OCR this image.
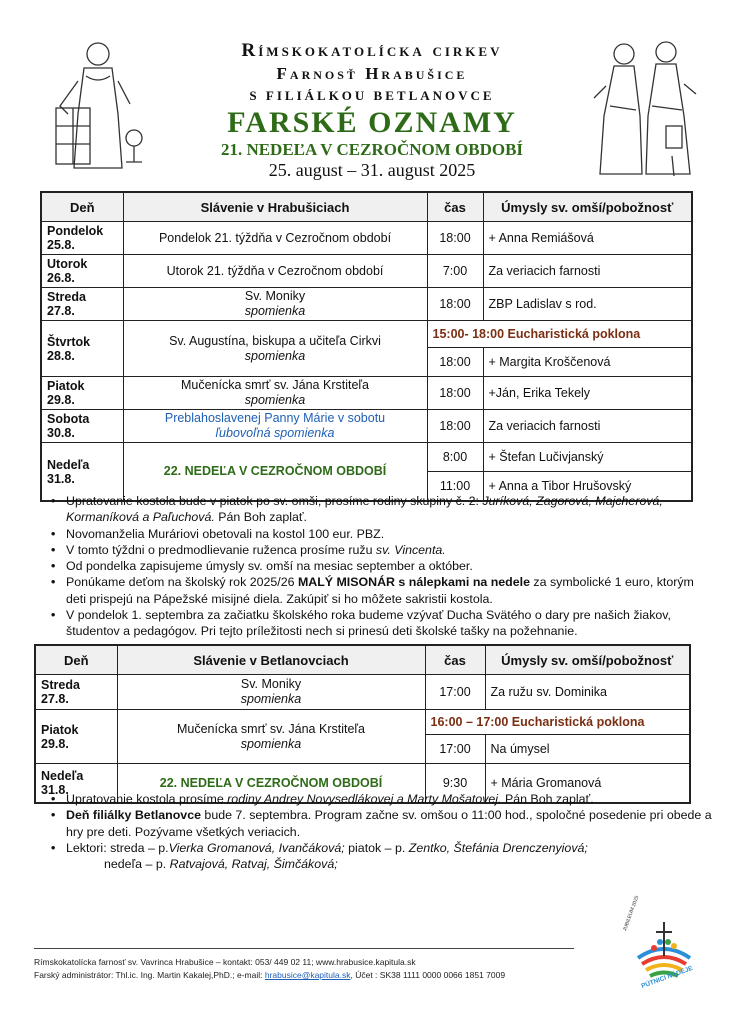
Rímskokatolícka cirkev
Farnosť Hrabušice
S FILIÁLKOU BETLANOVCE
FARSKÉ OZNAMY
21. NEDEĽA V CEZROČNOM OBDOBÍ
25. august – 31. august 2025
Deň	Slávenie v Hrabušiciach	čas	Úmysly sv. omší/pobožnosť
Pondelok
25.8.	Pondelok 21. týždňa v Cezročnom období	18:00	+ Anna Remiášová
Utorok
26.8.	Utorok 21. týždňa v Cezročnom období	7:00	Za veriacich farnosti
Streda
27.8.	Sv. Moniky
spomienka	18:00	ZBP Ladislav s rod.
Štvrtok
28.8.	Sv. Augustína, biskupa a učiteľa Cirkvi
spomienka	15:00- 18:00 Eucharistická poklona	
		18:00	+ Margita Kroščenová
Piatok
29.8.	Mučenícka smrť sv. Jána Krstiteľa
spomienka	18:00	+Ján, Erika Tekely
Sobota
30.8.	Preblahoslavenej Panny Márie v sobotu
ľubovoľná spomienka	18:00	Za veriacich farnosti
Nedeľa
31.8.	22. NEDEĽA V CEZROČNOM OBDOBÍ	8:00	+ Štefan Lučivjanský
		11:00	+ Anna a Tibor Hrušovský
• Upratovanie kostola bude v piatok po sv. omši, prosíme rodiny skupiny č. 2: Juríková, Zagorová, Majcherová, Kormaníková a Paľuchová. Pán Boh zaplať.
• Novomanželia Muráriovi obetovali na kostol 100 eur. PBZ.
• V tomto týždni o predmodlievanie ruženca prosíme ružu sv. Vincenta.
• Od pondelka zapisujeme úmysly sv. omší na mesiac september a október.
• Ponúkame deťom na školský rok 2025/26 MALÝ MISONÁR s nálepkami na nedele za symbolické 1 euro, ktorým deti prispejú na Pápežské misijné diela. Zakúpiť si ho môžete sakristii kostola.
• V pondelok 1. septembra za začiatku školského roka budeme vzývať Ducha Svätého o dary pre našich žiakov, študentov a pedagógov. Pri tejto príležitosti nech si prinesú deti školské tašky na požehnanie.
Deň	Slávenie v Betlanovciach	čas	Úmysly sv. omší/pobožnosť
Streda
27.8.	Sv. Moniky
spomienka	17:00	Za ružu sv. Dominika
Piatok
29.8.	Mučenícka smrť sv. Jána Krstiteľa
spomienka	16:00 – 17:00 Eucharistická poklona	
		17:00	Na úmysel
Nedeľa
31.8.	22. NEDEĽA V CEZROČNOM OBDOBÍ	9:30	+ Mária Gromanová
• Upratovanie kostola prosíme rodiny Andrey Novysedlákovej a Marty Mošatovej. Pán Boh zaplať.
• Deň filiálky Betlanovce bude 7. septembra. Program začne sv. omšou o 11:00 hod., spoločné posedenie pri obede a hry pre deti. Pozývame všetkých veriacich.
• Lektori: streda – p.Vierka Gromanová, Ivančáková; piatok – p. Zentko, Štefánia Drenczenyiová;
nedeľa – p. Ratvajová, Ratvaj, Šimčáková;
JUBILEUM 2025
PÚTNICI NÁDEJE
Rímskokatolícka farnosť sv. Vavrinca Hrabušice – kontakt: 053/ 449 02 11; www.hrabusice.kapitula.sk
Farský administrátor: Thl.ic. Ing. Martin Kakalej,PhD.; e-mail: hrabusice@kapitula.sk, Účet : SK38 1111 0000 0066 1851 7009
